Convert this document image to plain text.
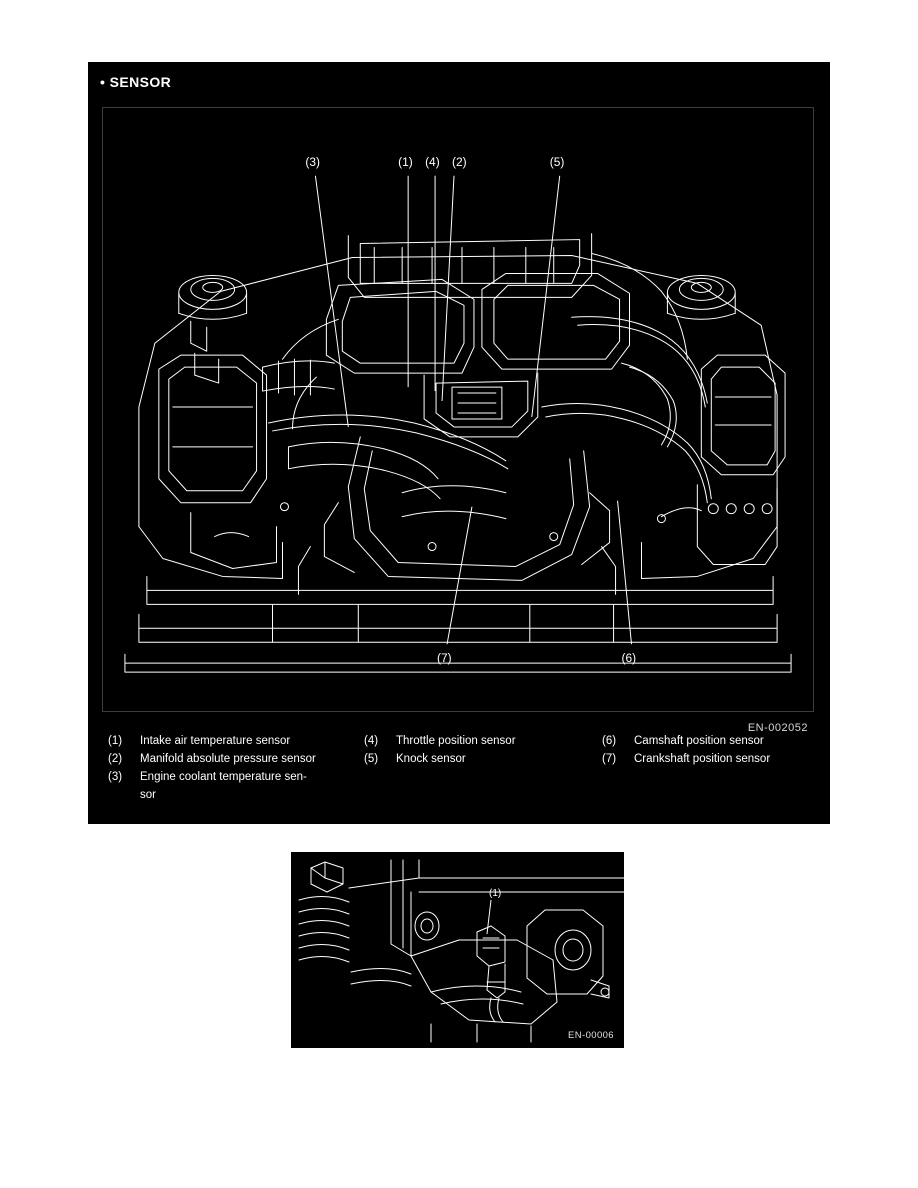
• SENSOR
(3)	(1) (4) (2)	(5)
(7)	(6)
EN-002052
(1)	Intake air temperature sensor
(2)	Manifold absolute pressure sensor
(3)	Engine coolant temperature sen-
sor
(4)	Throttle position sensor
(5)	Knock sensor
(6)	Camshaft position sensor
(7)	Crankshaft position sensor
(1)
EN-00006
